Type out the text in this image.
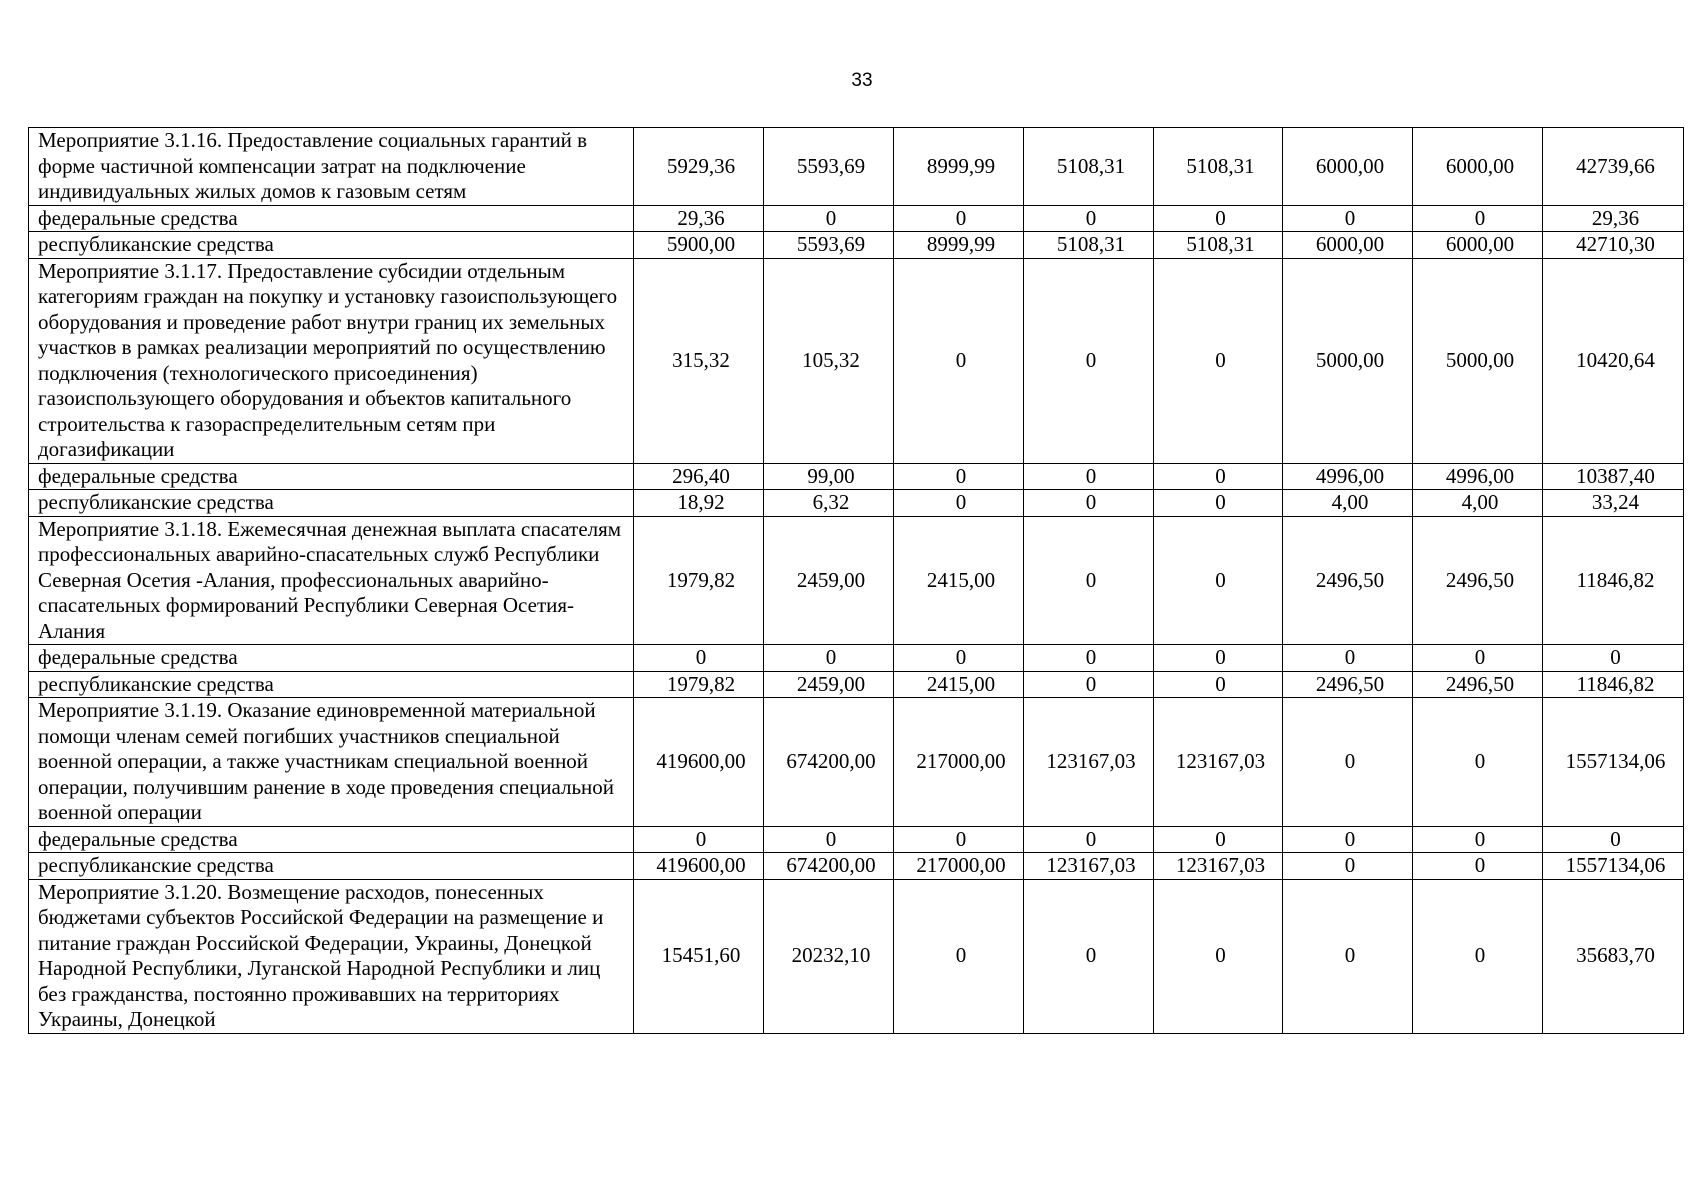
33
Мероприятие 3.1.16. Предоставление социальных гарантий в форме частичной компенсации затрат на подключение индивидуальных жилых домов к газовым сетям	5929,36	5593,69	8999,99	5108,31	5108,31	6000,00	6000,00	42739,66
федеральные средства	29,36	0	0	0	0	0	0	29,36
республиканские средства	5900,00	5593,69	8999,99	5108,31	5108,31	6000,00	6000,00	42710,30
Мероприятие 3.1.17. Предоставление субсидии отдельным категориям граждан на покупку и установку газоиспользующего оборудования и проведение работ внутри границ их земельных участков в рамках реализации мероприятий по осуществлению подключения (технологического присоединения) газоиспользующего оборудования и объектов капитального строительства к газораспределительным сетям при догазификации	315,32	105,32	0	0	0	5000,00	5000,00	10420,64
федеральные средства	296,40	99,00	0	0	0	4996,00	4996,00	10387,40
республиканские средства	18,92	6,32	0	0	0	4,00	4,00	33,24
Мероприятие 3.1.18. Ежемесячная денежная выплата спасателям профессиональных аварийно-спасательных служб Республики Северная Осетия -Алания, профессиональных аварийно-спасательных формирований Республики Северная Осетия-Алания	1979,82	2459,00	2415,00	0	0	2496,50	2496,50	11846,82
федеральные средства	0	0	0	0	0	0	0	0
республиканские средства	1979,82	2459,00	2415,00	0	0	2496,50	2496,50	11846,82
Мероприятие 3.1.19. Оказание единовременной материальной помощи членам семей погибших участников специальной военной операции, а также участникам специальной военной операции, получившим ранение в ходе проведения специальной военной операции	419600,00	674200,00	217000,00	123167,03	123167,03	0	0	1557134,06
федеральные средства	0	0	0	0	0	0	0	0
республиканские средства	419600,00	674200,00	217000,00	123167,03	123167,03	0	0	1557134,06
Мероприятие 3.1.20. Возмещение расходов, понесенных бюджетами субъектов Российской Федерации на размещение и питание граждан Российской Федерации, Украины, Донецкой Народной Республики, Луганской Народной Республики и лиц без гражданства, постоянно проживавших на территориях Украины, Донецкой	15451,60	20232,10	0	0	0	0	0	35683,70
